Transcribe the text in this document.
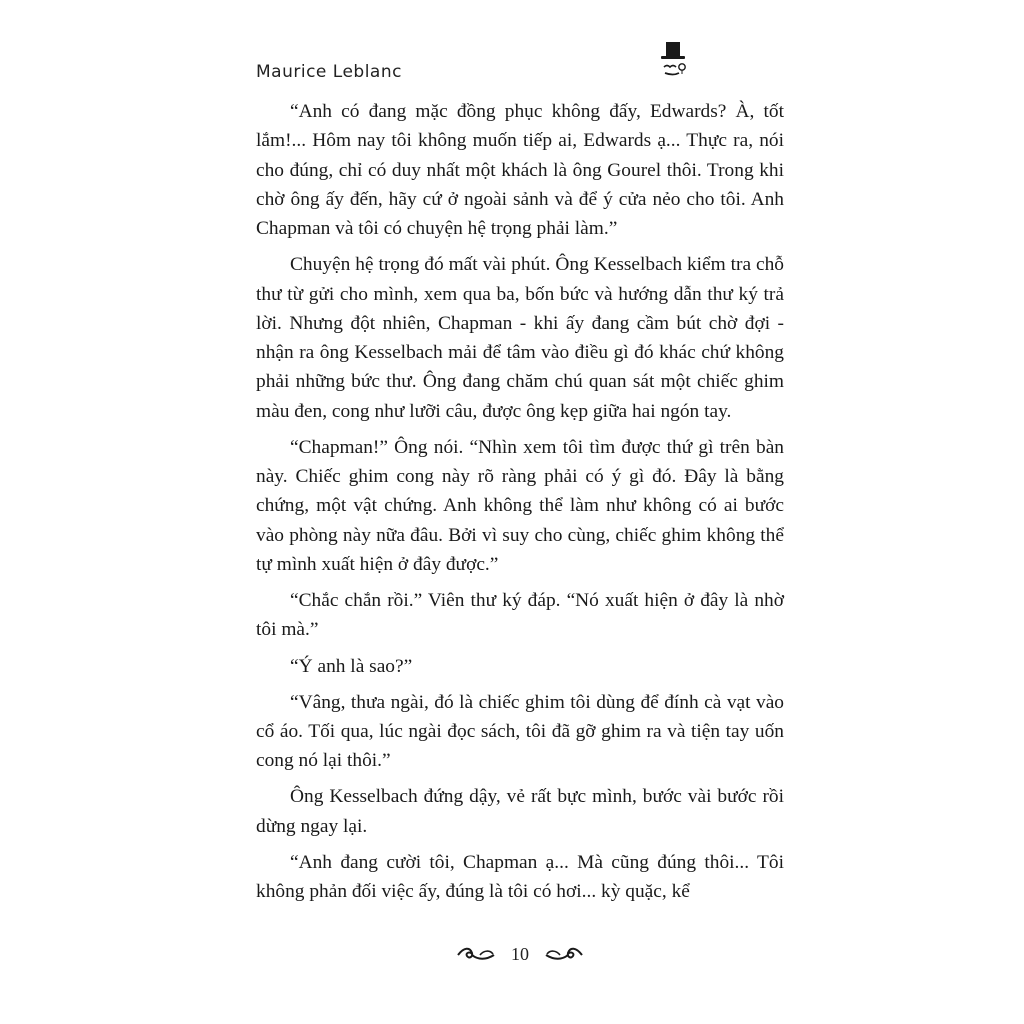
Maurice Leblanc

“Anh có đang mặc đồng phục không đấy, Edwards? À, tốt lắm!... Hôm nay tôi không muốn tiếp ai, Edwards ạ... Thực ra, nói cho đúng, chỉ có duy nhất một khách là ông Gourel thôi. Trong khi chờ ông ấy đến, hãy cứ ở ngoài sảnh và để ý cửa nẻo cho tôi. Anh Chapman và tôi có chuyện hệ trọng phải làm.”

Chuyện hệ trọng đó mất vài phút. Ông Kesselbach kiểm tra chỗ thư từ gửi cho mình, xem qua ba, bốn bức và hướng dẫn thư ký trả lời. Nhưng đột nhiên, Chapman - khi ấy đang cầm bút chờ đợi - nhận ra ông Kesselbach mải để tâm vào điều gì đó khác chứ không phải những bức thư. Ông đang chăm chú quan sát một chiếc ghim màu đen, cong như lưỡi câu, được ông kẹp giữa hai ngón tay.

“Chapman!” Ông nói. “Nhìn xem tôi tìm được thứ gì trên bàn này. Chiếc ghim cong này rõ ràng phải có ý gì đó. Đây là bằng chứng, một vật chứng. Anh không thể làm như không có ai bước vào phòng này nữa đâu. Bởi vì suy cho cùng, chiếc ghim không thể tự mình xuất hiện ở đây được.”

“Chắc chắn rồi.” Viên thư ký đáp. “Nó xuất hiện ở đây là nhờ tôi mà.”

“Ý anh là sao?”

“Vâng, thưa ngài, đó là chiếc ghim tôi dùng để đính cà vạt vào cổ áo. Tối qua, lúc ngài đọc sách, tôi đã gỡ ghim ra và tiện tay uốn cong nó lại thôi.”

Ông Kesselbach đứng dậy, vẻ rất bực mình, bước vài bước rồi dừng ngay lại.

“Anh đang cười tôi, Chapman ạ... Mà cũng đúng thôi... Tôi không phản đối việc ấy, đúng là tôi có hơi... kỳ quặc, kể

10
